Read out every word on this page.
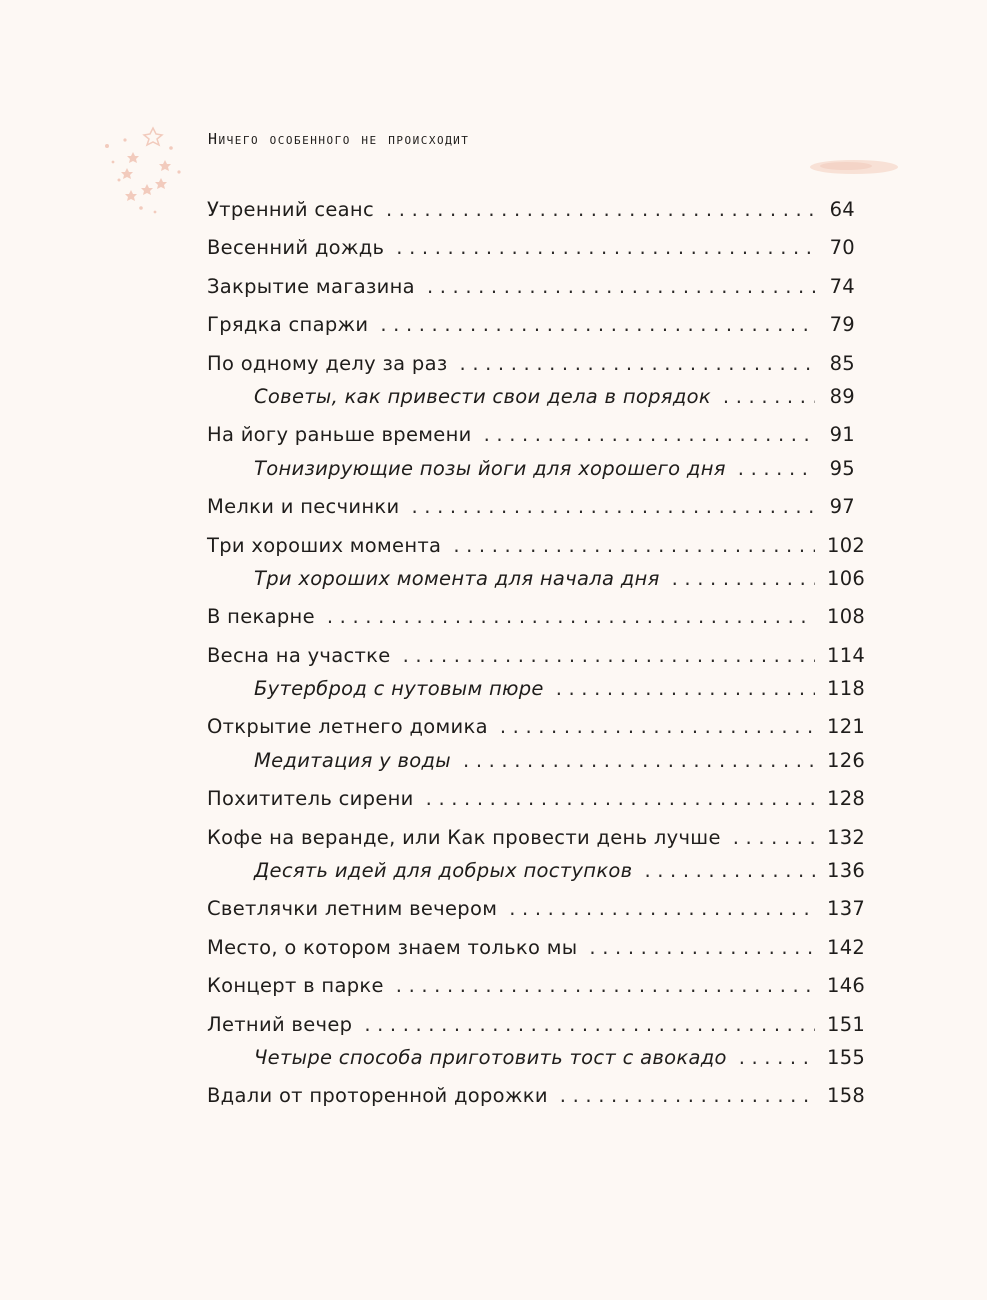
Ничего особенного не происходит
Утренний сеанс . . .	64
Весенний дождь . . .	70
Закрытие магазина . . .	74
Грядка спаржи . . .	79
По одному делу за раз . . .	85
Советы, как привести свои дела в порядок . . .	89
На йогу раньше времени . . .	91
Тонизирующие позы йоги для хорошего дня . . .	95
Мелки и песчинки . . .	97
Три хороших момента . . .	102
Три хороших момента для начала дня . . .	106
В пекарне . . .	108
Весна на участке . . .	114
Бутерброд с нутовым пюре . . .	118
Открытие летнего домика . . .	121
Медитация у воды . . .	126
Похититель сирени . . .	128
Кофе на веранде, или Как провести день лучше . . .	132
Десять идей для добрых поступков . . .	136
Светлячки летним вечером . . .	137
Место, о котором знаем только мы . . .	142
Концерт в парке . . .	146
Летний вечер . . .	151
Четыре способа приготовить тост с авокадо . . .	155
Вдали от проторенной дорожки . . .	158
